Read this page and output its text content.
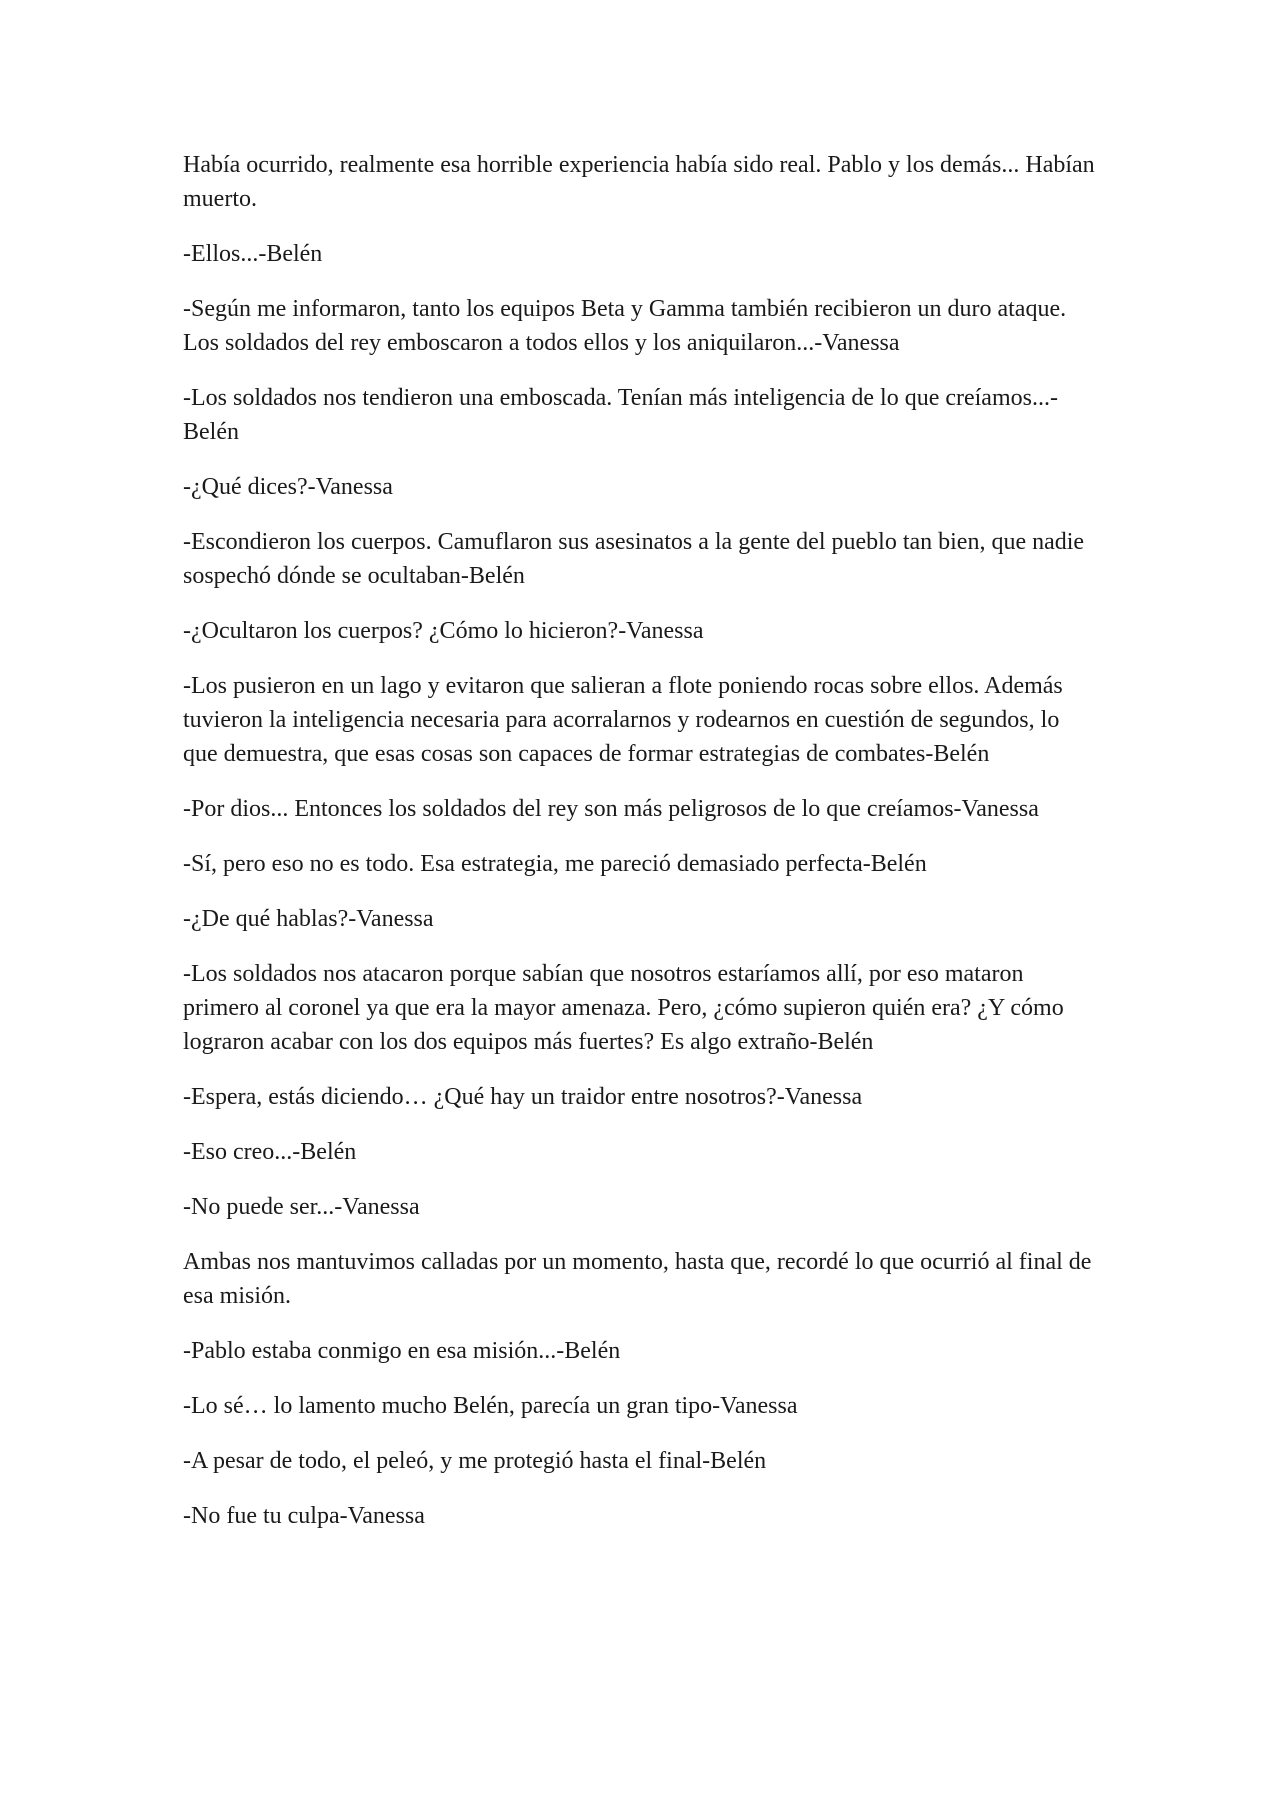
Había ocurrido, realmente esa horrible experiencia había sido real. Pablo y los demás... Habían muerto.

-Ellos...-Belén

-Según me informaron, tanto los equipos Beta y Gamma también recibieron un duro ataque. Los soldados del rey emboscaron a todos ellos y los aniquilaron...-Vanessa

-Los soldados nos tendieron una emboscada. Tenían más inteligencia de lo que creíamos...-Belén

-¿Qué dices?-Vanessa

-Escondieron los cuerpos. Camuflaron sus asesinatos a la gente del pueblo tan bien, que nadie sospechó dónde se ocultaban-Belén

-¿Ocultaron los cuerpos? ¿Cómo lo hicieron?-Vanessa

-Los pusieron en un lago y evitaron que salieran a flote poniendo rocas sobre ellos. Además tuvieron la inteligencia necesaria para acorralarnos y rodearnos en cuestión de segundos, lo que demuestra, que esas cosas son capaces de formar estrategias de combates-Belén

-Por dios... Entonces los soldados del rey son más peligrosos de lo que creíamos-Vanessa

-Sí, pero eso no es todo. Esa estrategia, me pareció demasiado perfecta-Belén

-¿De qué hablas?-Vanessa

-Los soldados nos atacaron porque sabían que nosotros estaríamos allí, por eso mataron primero al coronel ya que era la mayor amenaza. Pero, ¿cómo supieron quién era? ¿Y cómo lograron acabar con los dos equipos más fuertes? Es algo extraño-Belén

-Espera, estás diciendo… ¿Qué hay un traidor entre nosotros?-Vanessa

-Eso creo...-Belén

-No puede ser...-Vanessa

Ambas nos mantuvimos calladas por un momento, hasta que, recordé lo que ocurrió al final de esa misión.

-Pablo estaba conmigo en esa misión...-Belén

-Lo sé… lo lamento mucho Belén, parecía un gran tipo-Vanessa

-A pesar de todo, el peleó, y me protegió hasta el final-Belén

-No fue tu culpa-Vanessa
